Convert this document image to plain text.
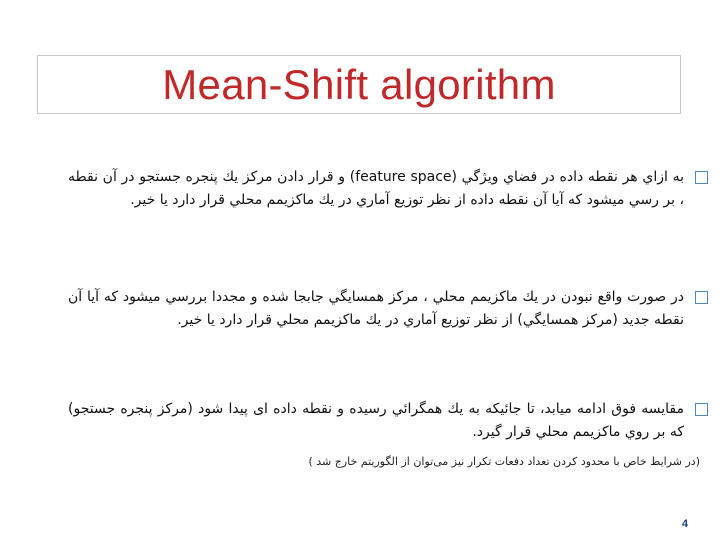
Mean-Shift algorithm
به ازاي هر نقطه داده در فضاي ويژگي (feature space) و قرار دادن مركز يك پنجره جستجو در آن نقطه ، بر رسي ميشود كه آيا آن نقطه داده از نظر توزيع آماري در يك ماكزيمم محلي قرار دارد يا خير.
در صورت واقع نبودن در يك ماكزيمم محلي ، مركز همسايگي جابجا شده و مجددا بررسي ميشود كه آيا آن نقطه جدید (مركز همسايگي) از نظر توزيع آماري در يك ماكزيمم محلي قرار دارد يا خير.
مقايسه فوق ادامه ميابد، تا جائيكه به يك همگرائي رسيده و نقطه داده ای پیدا شود (مركز پنجره جستجو) كه بر روي ماكزيمم محلي قرار گيرد.
(در شرایط خاص با محدود کردن تعداد دفعات تکرار نیز می‌توان از الگوریتم خارج شد )
4
